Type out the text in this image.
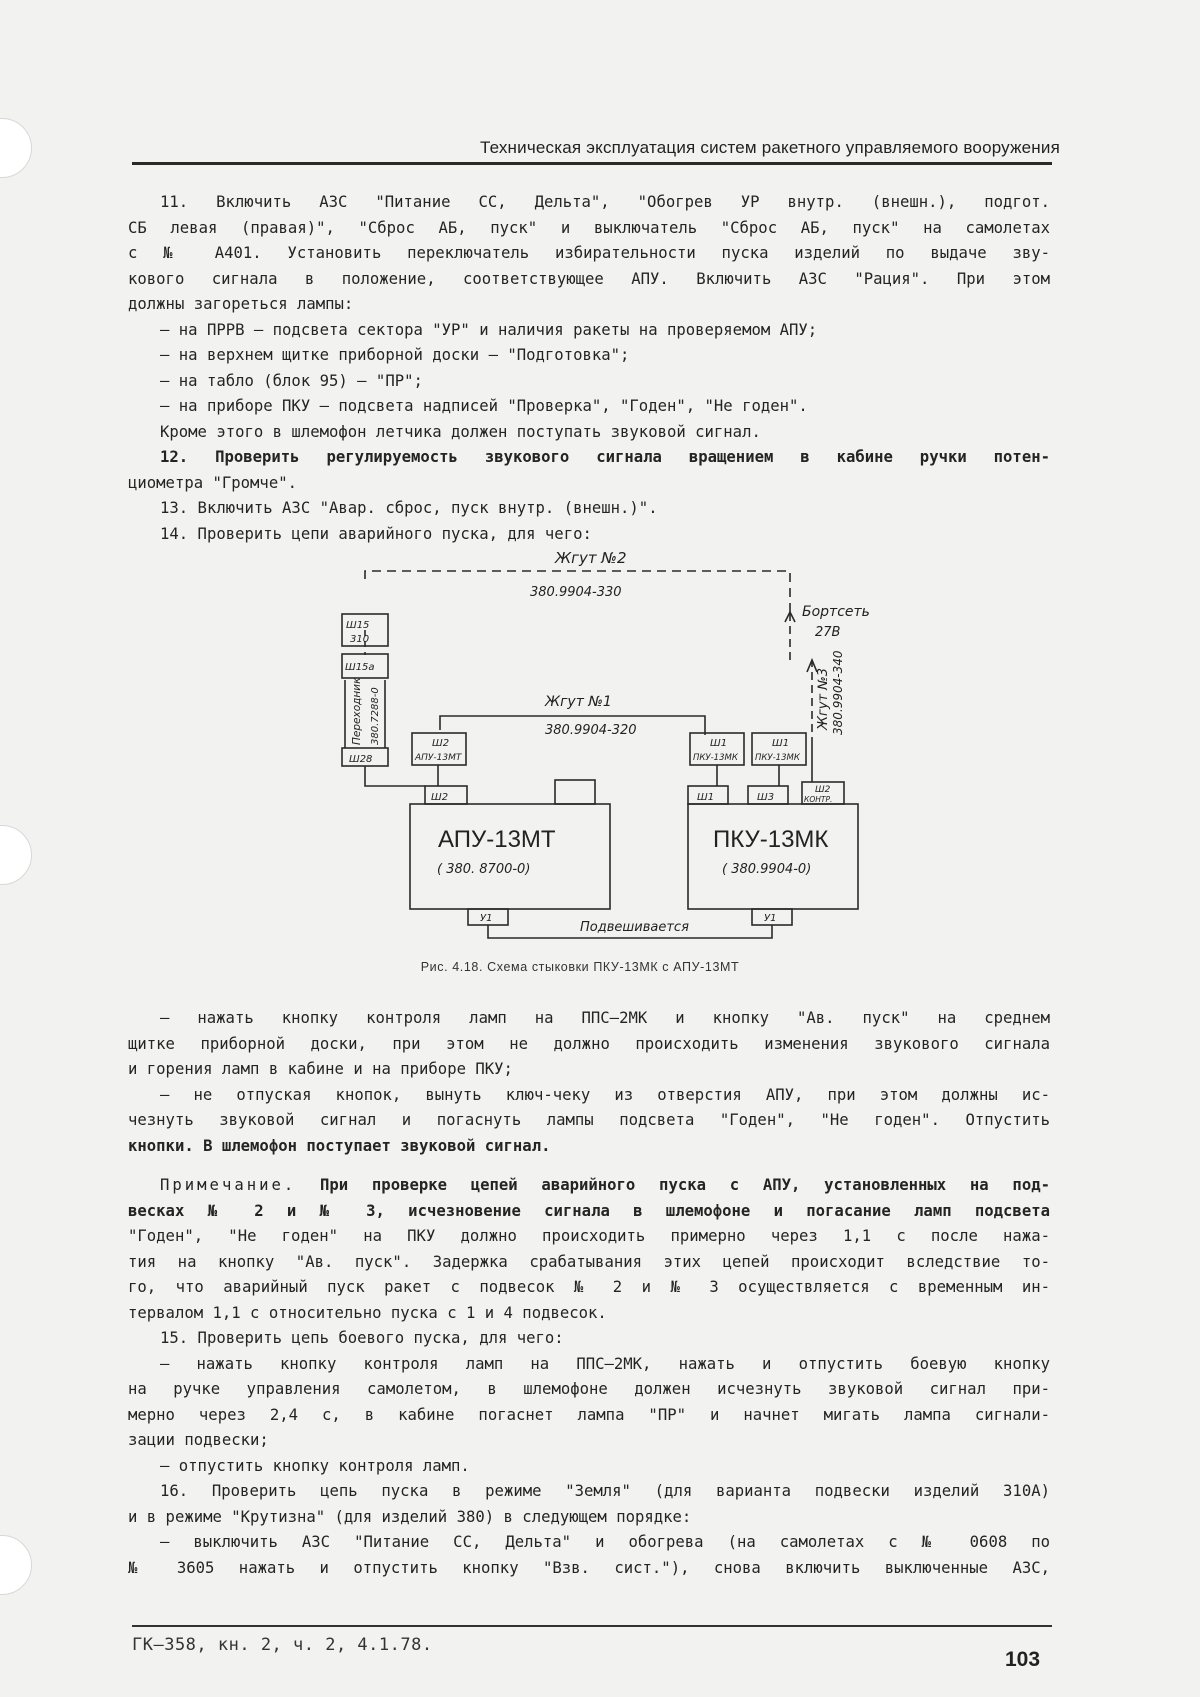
Техническая эксплуатация систем ракетного управляемого вооружения

11. Включить АЗС "Питание СС, Дельта", "Обогрев УР внутр. (внешн.), подгот.

СБ левая (правая)", "Сброс АБ, пуск" и выключатель "Сброс АБ, пуск" на самолетах

с № А401. Установить переключатель избирательности пуска изделий по выдаче зву-

кового сигнала в положение, соответствующее АПУ. Включить АЗС "Рация". При этом

должны загореться лампы:

– на ПРРВ – подсвета сектора "УР" и наличия ракеты на проверяемом АПУ;

– на верхнем щитке приборной доски – "Подготовка";

– на табло (блок 95) – "ПР";

– на приборе ПКУ – подсвета надписей "Проверка", "Годен", "Не годен".

Кроме этого в шлемофон летчика должен поступать звуковой сигнал.

12. Проверить регулируемость звукового сигнала вращением в кабине ручки потен-

циометра "Громче".

13. Включить АЗС "Авар. сброс, пуск внутр. (внешн.)".

14. Проверить цепи аварийного пуска, для чего:

Жгут №2
380.9904-330
Ш15
310
Ш15а
Переходник 380.7288-0
Ш28
Ш2
АПУ-13МТ
Ш2
Жгут №1
380.9904-320
Ш1
ПКУ-13МК
Ш1
ПКУ-13МК
Жгут №3 380.9904-340
Бортсеть
27В
Ш1	Ш3
Ш2
КОНТР.
АПУ-13МТ
( 380. 8700-0)
ПКУ-13МК
( 380.9904-0)
У1	У1
Подвешивается
Рис. 4.18. Схема стыковки ПКУ-13МК с АПУ-13МТ

– нажать кнопку контроля ламп на ППС–2МК и кнопку "Ав. пуск" на среднем

щитке приборной доски, при этом не должно происходить изменения звукового сигнала

и горения ламп в кабине и на приборе ПКУ;

– не отпуская кнопок, вынуть ключ-чеку из отверстия АПУ, при этом должны ис-

чезнуть звуковой сигнал и погаснуть лампы подсвета "Годен", "Не годен". Отпустить

кнопки. В шлемофон поступает звуковой сигнал.

Примечание. При проверке цепей аварийного пуска с АПУ, установленных на под-

весках № 2 и № 3, исчезновение сигнала в шлемофоне и погасание ламп подсвета

"Годен", "Не годен" на ПКУ должно происходить примерно через 1,1 с после нажа-

тия на кнопку "Ав. пуск". Задержка срабатывания этих цепей происходит вследствие то-

го, что аварийный пуск ракет с подвесок № 2 и № 3 осуществляется с временным ин-

тервалом 1,1 с относительно пуска с 1 и 4 подвесок.

15. Проверить цепь боевого пуска, для чего:

– нажать кнопку контроля ламп на ППС–2МК, нажать и отпустить боевую кнопку

на ручке управления самолетом, в шлемофоне должен исчезнуть звуковой сигнал при-

мерно через 2,4 с, в кабине погаснет лампа "ПР" и начнет мигать лампа сигнали-

зации подвески;

– отпустить кнопку контроля ламп.

16. Проверить цепь пуска в режиме "Земля" (для варианта подвески изделий 310А)

и в режиме "Крутизна" (для изделий 380) в следующем порядке:

– выключить АЗС "Питание СС, Дельта" и обогрева (на самолетах с № 0608 по

№ 3605 нажать и отпустить кнопку "Взв. сист."), снова включить выключенные АЗС,

ГК–358, кн. 2, ч. 2, 4.1.78.
103
